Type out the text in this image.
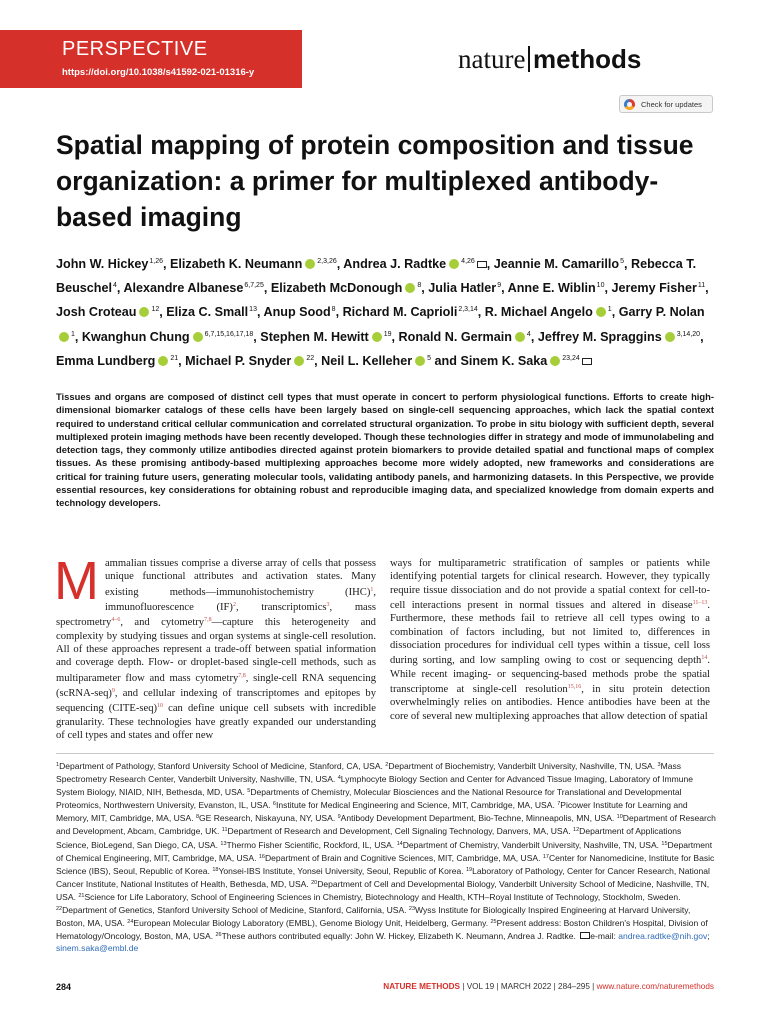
PERSPECTIVE
https://doi.org/10.1038/s41592-021-01316-y	nature methods
Check for updates
Spatial mapping of protein composition and tissue organization: a primer for multiplexed antibody-based imaging
John W. Hickey$^{1,26}$, Elizabeth K. Neumann $^{2,3,26}$, Andrea J. Radtke $^{4,26}$ , Jeannie M. Camarillo$^5$, Rebecca T. Beuschel$^4$, Alexandre Albanese$^{6,7,25}$, Elizabeth McDonough $^8$, Julia Hatler$^9$, Anne E. Wiblin$^{10}$, Jeremy Fisher$^{11}$, Josh Croteau $^{12}$, Eliza C. Small$^{13}$, Anup Sood$^8$, Richard M. Caprioli$^{2,3,14}$, R. Michael Angelo $^1$, Garry P. Nolan$^1$, Kwanghun Chung $^{6,7,15,16,17,18}$, Stephen M. Hewitt $^{19}$, Ronald N. Germain $^4$, Jeffrey M. Spraggins $^{3,14,20}$, Emma Lundberg $^{21}$, Michael P. Snyder $^{22}$, Neil L. Kelleher $^5$ and Sinem K. Saka $^{23,24}$

Tissues and organs are composed of distinct cell types that must operate in concert to perform physiological functions. Efforts to create high-dimensional biomarker catalogs of these cells have been largely based on single-cell sequencing approaches, which lack the spatial context required to understand critical cellular communication and correlated structural organization. To probe in situ biology with sufficient depth, several multiplexed protein imaging methods have been recently developed. Though these technologies differ in strategy and mode of immunolabeling and detection tags, they commonly utilize antibodies directed against protein biomarkers to provide detailed spatial and functional maps of complex tissues. As these promising antibody-based multiplexing approaches become more widely adopted, new frameworks and considerations are critical for training future users, generating molecular tools, validating antibody panels, and harmonizing datasets. In this Perspective, we provide essential resources, key considerations for obtaining robust and reproducible imaging data, and specialized knowledge from domain experts and technology developers.

M ammalian tissues comprise a diverse array of cells that possess unique functional attributes and activation states. Many existing methods—immunohistochemistry (IHC)$^1$, immunofluorescence (IF)$^2$, transcriptomics$^3$, mass spectrometry$^{4-6}$, and cytometry$^{7,8}$—capture this heterogeneity and complexity by studying tissues and organ systems at single-cell resolution. All of these approaches represent a trade-off between spatial information and coverage depth. Flow- or droplet-based single-cell methods, such as multiparameter flow and mass cytometry$^{7,8}$, single-cell RNA sequencing (scRNA-seq)$^9$, and cellular indexing of transcriptomes and epitopes by sequencing (CITE-seq)$^{10}$ can define unique cell subsets with incredible granularity. These technologies have greatly expanded our understanding of cell types and states and offer new
ways for multiparametric stratification of samples or patients while identifying potential targets for clinical research. However, they typically require tissue dissociation and do not provide a spatial context for cell-to-cell interactions present in normal tissues and altered in disease$^{11-13}$. Furthermore, these methods fail to retrieve all cell types owing to a combination of factors including, but not limited to, differences in dissociation procedures for individual cell types within a tissue, cell loss during sorting, and low sampling owing to cost or sequencing depth$^{14}$. While recent imaging- or sequencing-based methods probe the spatial transcriptome at single-cell resolution$^{15,16}$, in situ protein detection overwhelmingly relies on antibodies. Hence antibodies have been at the core of several new multiplexing approaches that allow detection of spatial
$^1$Department of Pathology, Stanford University School of Medicine, Stanford, CA, USA. $^2$Department of Biochemistry, Vanderbilt University, Nashville, TN, USA. $^3$Mass Spectrometry Research Center, Vanderbilt University, Nashville, TN, USA. $^4$Lymphocyte Biology Section and Center for Advanced Tissue Imaging, Laboratory of Immune System Biology, NIAID, NIH, Bethesda, MD, USA. $^5$Departments of Chemistry, Molecular Biosciences and the National Resource for Translational and Developmental Proteomics, Northwestern University, Evanston, IL, USA. $^6$Institute for Medical Engineering and Science, MIT, Cambridge, MA, USA. $^7$Picower Institute for Learning and Memory, MIT, Cambridge, MA, USA. $^8$GE Research, Niskayuna, NY, USA. $^9$Antibody Development Department, Bio-Techne, Minneapolis, MN, USA. $^{10}$Department of Research and Development, Abcam, Cambridge, UK. $^{11}$Department of Research and Development, Cell Signaling Technology, Danvers, MA, USA. $^{12}$Department of Applications Science, BioLegend, San Diego, CA, USA. $^{13}$Thermo Fisher Scientific, Rockford, IL, USA. $^{14}$Department of Chemistry, Vanderbilt University, Nashville, TN, USA. $^{15}$Department of Chemical Engineering, MIT, Cambridge, MA, USA. $^{16}$Department of Brain and Cognitive Sciences, MIT, Cambridge, MA, USA. $^{17}$Center for Nanomedicine, Institute for Basic Science (IBS), Seoul, Republic of Korea. $^{18}$Yonsei-IBS Institute, Yonsei University, Seoul, Republic of Korea. $^{19}$Laboratory of Pathology, Center for Cancer Research, National Cancer Institute, National Institutes of Health, Bethesda, MD, USA. $^{20}$Department of Cell and Developmental Biology, Vanderbilt University School of Medicine, Nashville, TN, USA. $^{21}$Science for Life Laboratory, School of Engineering Sciences in Chemistry, Biotechnology and Health, KTH–Royal Institute of Technology, Stockholm, Sweden. $^{22}$Department of Genetics, Stanford University School of Medicine, Stanford, California, USA. $^{23}$Wyss Institute for Biologically Inspired Engineering at Harvard University, Boston, MA, USA. $^{24}$European Molecular Biology Laboratory (EMBL), Genome Biology Unit, Heidelberg, Germany. $^{25}$Present address: Boston Children's Hospital, Division of Hematology/Oncology, Boston, MA, USA. $^{26}$These authors contributed equally: John W. Hickey, Elizabeth K. Neumann, Andrea J. Radtke. e-mail: andrea.radtke@nih.gov; sinem.saka@embl.de
284	NATURE METHODS | VOL 19 | MARCH 2022 | 284–295 | www.nature.com/naturemethods
